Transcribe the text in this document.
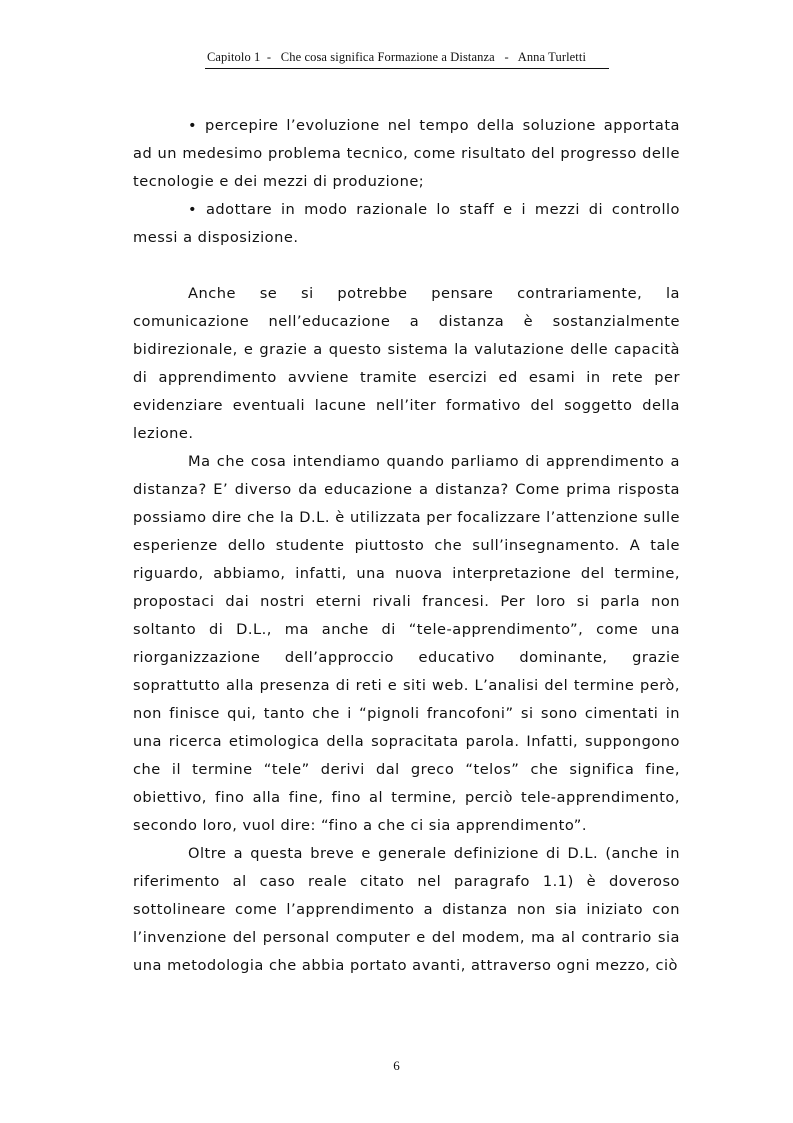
Capitolo 1  -   Che cosa significa Formazione a Distanza   -   Anna Turletti

• percepire l’evoluzione nel tempo della soluzione apportata ad un medesimo problema tecnico, come risultato del progresso delle tecnologie e dei mezzi di produzione;

• adottare in modo razionale lo staff e i mezzi di controllo messi a disposizione.

Anche se si potrebbe pensare contrariamente, la comunicazione nell’educazione a distanza è sostanzialmente bidirezionale, e grazie a questo sistema la valutazione delle capacità di apprendimento avviene tramite esercizi ed esami in rete per evidenziare eventuali lacune nell’iter formativo del soggetto della lezione.

Ma che cosa intendiamo quando parliamo di apprendimento a distanza? E’ diverso da educazione a distanza? Come prima risposta possiamo dire che la D.L. è utilizzata per focalizzare l’attenzione sulle esperienze dello studente piuttosto che sull’insegnamento. A tale riguardo, abbiamo, infatti, una nuova interpretazione del termine, propostaci dai nostri eterni rivali francesi. Per loro si parla non soltanto di D.L., ma anche di “tele-apprendimento”, come una riorganizzazione dell’approccio educativo dominante, grazie soprattutto alla presenza di reti e siti web. L’analisi del termine però, non finisce qui, tanto che i “pignoli francofoni” si sono cimentati in una ricerca etimologica della sopracitata parola. Infatti, suppongono che il termine “tele” derivi dal greco “telos” che significa fine, obiettivo, fino alla fine, fino al termine, perciò tele-apprendimento, secondo loro, vuol dire: “fino a che ci sia apprendimento”.

Oltre a questa breve e generale definizione di D.L. (anche in riferimento al caso reale citato nel paragrafo 1.1) è doveroso sottolineare come l’apprendimento a distanza non sia iniziato con l’invenzione del personal computer e del modem, ma al contrario sia una metodologia che abbia portato avanti, attraverso ogni mezzo, ciò

6
